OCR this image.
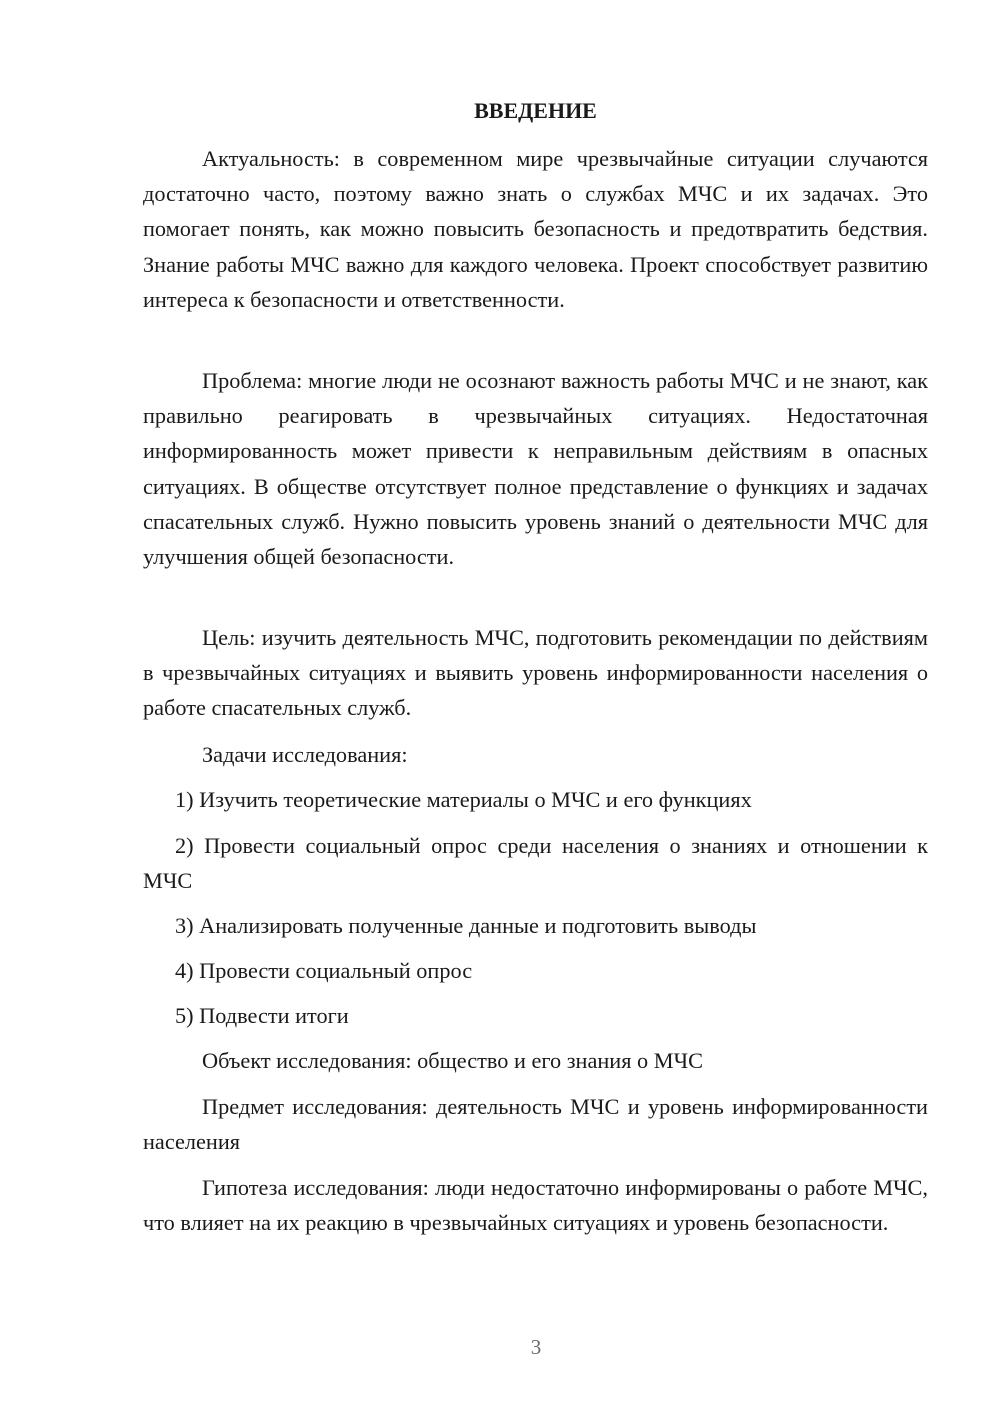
ВВЕДЕНИЕ

Актуальность: в современном мире чрезвычайные ситуации случаются достаточно часто, поэтому важно знать о службах МЧС и их задачах. Это помогает понять, как можно повысить безопасность и предотвратить бедствия. Знание работы МЧС важно для каждого человека. Проект способствует развитию интереса к безопасности и ответственности.

Проблема: многие люди не осознают важность работы МЧС и не знают, как правильно реагировать в чрезвычайных ситуациях. Недостаточная информированность может привести к неправильным действиям в опасных ситуациях. В обществе отсутствует полное представление о функциях и задачах спасательных служб. Нужно повысить уровень знаний о деятельности МЧС для улучшения общей безопасности.

Цель: изучить деятельность МЧС, подготовить рекомендации по действиям в чрезвычайных ситуациях и выявить уровень информированности населения о работе спасательных служб.

Задачи исследования:

1) Изучить теоретические материалы о МЧС и его функциях

2) Провести социальный опрос среди населения о знаниях и отношении к МЧС

3) Анализировать полученные данные и подготовить выводы

4) Провести социальный опрос

5) Подвести итоги

Объект исследования: общество и его знания о МЧС

Предмет исследования: деятельность МЧС и уровень информированности населения

Гипотеза исследования: люди недостаточно информированы о работе МЧС, что влияет на их реакцию в чрезвычайных ситуациях и уровень безопасности.

3
